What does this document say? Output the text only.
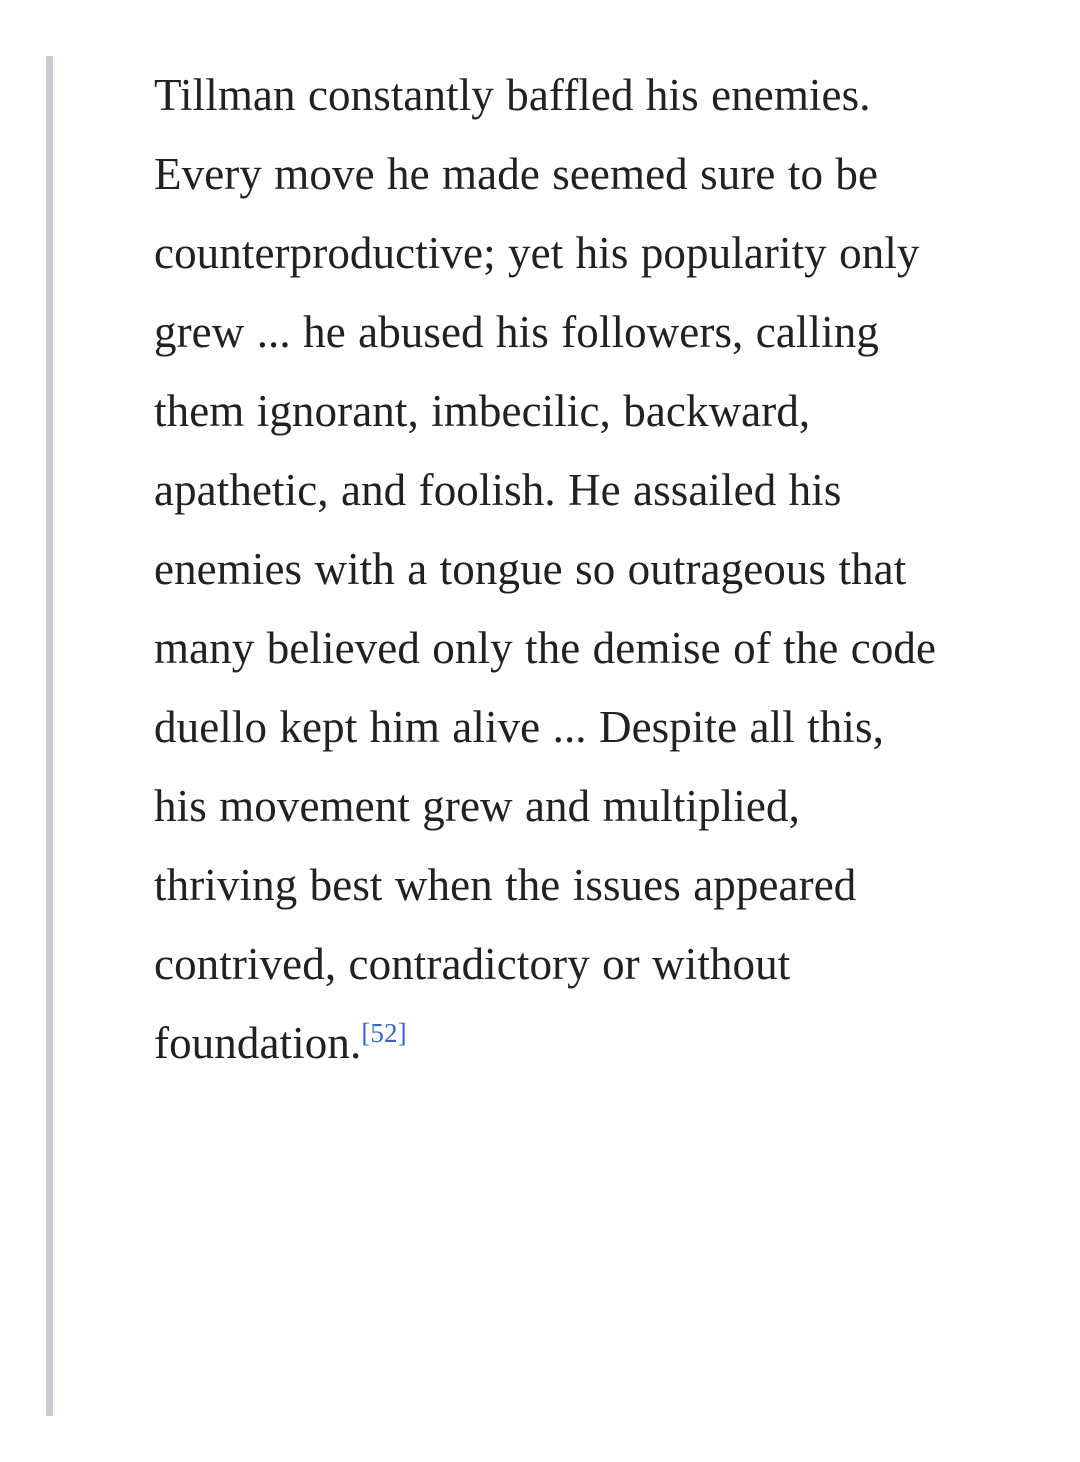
Tillman constantly baffled his enemies. Every move he made seemed sure to be counterproductive; yet his popularity only grew ... he abused his followers, calling them ignorant, imbecilic, backward, apathetic, and foolish. He assailed his enemies with a tongue so outrageous that many believed only the demise of the code duello kept him alive ... Despite all this, his movement grew and multiplied, thriving best when the issues appeared contrived, contradictory or without foundation.[52]
